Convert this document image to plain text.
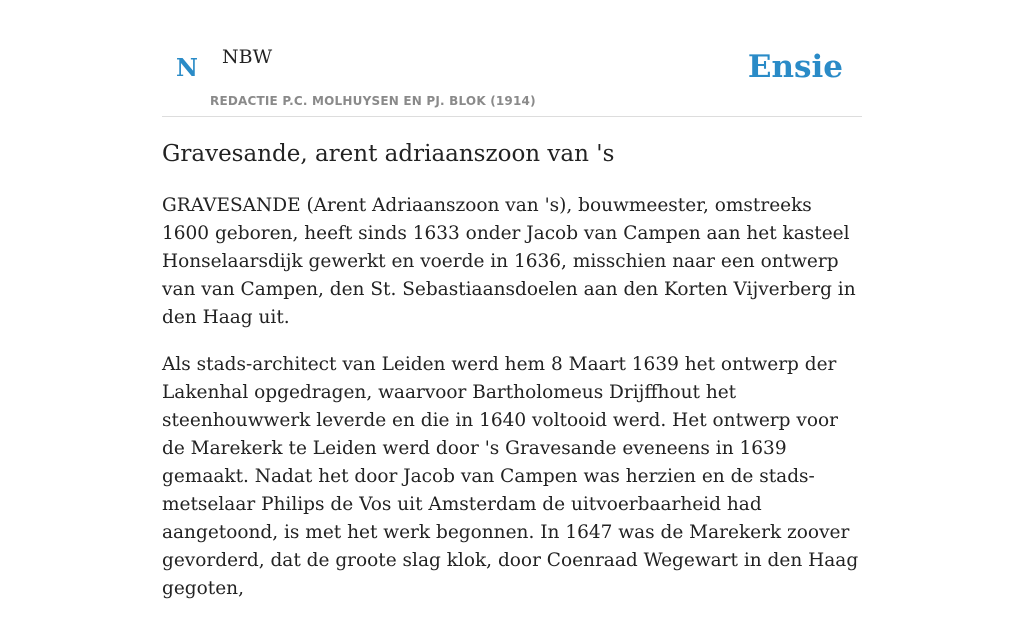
N NBW
REDACTIE P.C. MOLHUYSEN EN PJ. BLOK (1914)
Ensie
Gravesande, arent adriaanszoon van 's

GRAVESANDE (Arent Adriaanszoon van 's), bouwmeester, omstreeks 1600 geboren, heeft sinds 1633 onder Jacob van Campen aan het kasteel Honselaarsdijk gewerkt en voerde in 1636, misschien naar een ontwerp van van Campen, den St. Sebastiaansdoelen aan den Korten Vijverberg in den Haag uit.

Als stads-architect van Leiden werd hem 8 Maart 1639 het ontwerp der Lakenhal opgedragen, waarvoor Bartholomeus Drijffhout het steenhouwwerk leverde en die in 1640 voltooid werd. Het ontwerp voor de Marekerk te Leiden werd door 's Gravesande eveneens in 1639 gemaakt. Nadat het door Jacob van Campen was herzien en de stads-metselaar Philips de Vos uit Amsterdam de uitvoerbaarheid had aangetoond, is met het werk begonnen. In 1647 was de Marekerk zoover gevorderd, dat de groote slag klok, door Coenraad Wegewart in den Haag gegoten,
